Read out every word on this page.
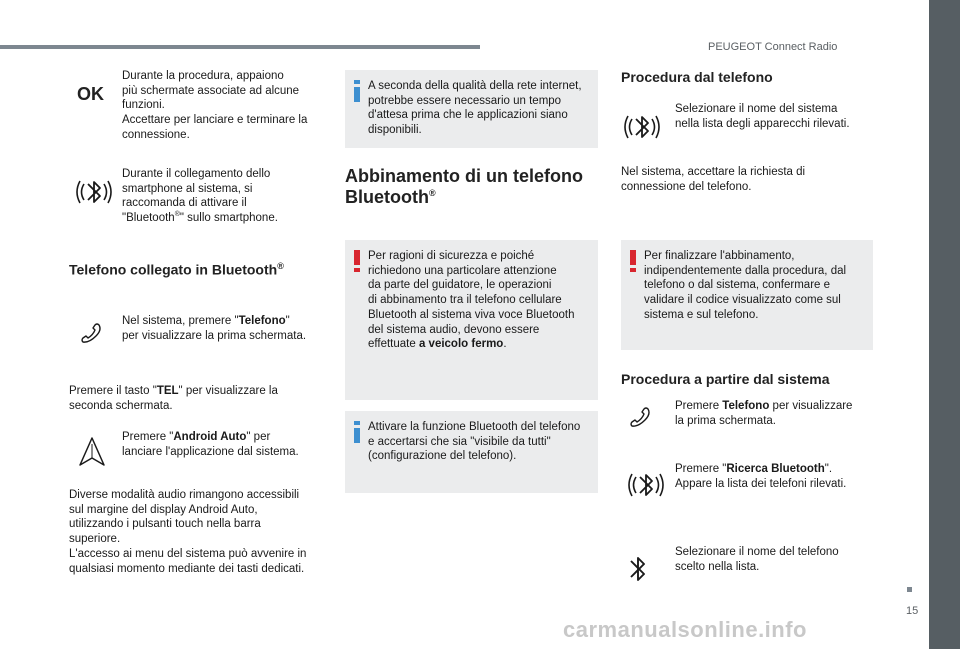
PEUGEOT Connect Radio
15
OK
Durante la procedura, appaiono
più schermate associate ad alcune
funzioni.
Accettare per lanciare e terminare la
connessione.
Durante il collegamento dello
smartphone al sistema, si
raccomanda di attivare il
"Bluetooth®" sullo smartphone.
Telefono collegato in Bluetooth®
Nel sistema, premere "Telefono"
per visualizzare la prima schermata.
Premere il tasto "TEL" per visualizzare la
seconda schermata.
Premere "Android Auto" per
lanciare l'applicazione dal sistema.
Diverse modalità audio rimangono accessibili
sul margine del display Android Auto,
utilizzando i pulsanti touch nella barra
superiore.
L'accesso ai menu del sistema può avvenire in
qualsiasi momento mediante dei tasti dedicati.
A seconda della qualità della rete internet,
potrebbe essere necessario un tempo
d'attesa prima che le applicazioni siano
disponibili.
Abbinamento di un telefono
Bluetooth®
Per ragioni di sicurezza e poiché
richiedono una particolare attenzione
da parte del guidatore, le operazioni
di abbinamento tra il telefono cellulare
Bluetooth al sistema viva voce Bluetooth
del sistema audio, devono essere
effettuate a veicolo fermo.
Attivare la funzione Bluetooth del telefono
e accertarsi che sia "visibile da tutti"
(configurazione del telefono).
Procedura dal telefono
Selezionare il nome del sistema
nella lista degli apparecchi rilevati.
Nel sistema, accettare la richiesta di
connessione del telefono.
Per finalizzare l'abbinamento,
indipendentemente dalla procedura, dal
telefono o dal sistema, confermare e
validare il codice visualizzato come sul
sistema e sul telefono.
Procedura a partire dal sistema
Premere Telefono per visualizzare
la prima schermata.
Premere "Ricerca Bluetooth".
Appare la lista dei telefoni rilevati.
Selezionare il nome del telefono
scelto nella lista.
carmanualsonline.info
